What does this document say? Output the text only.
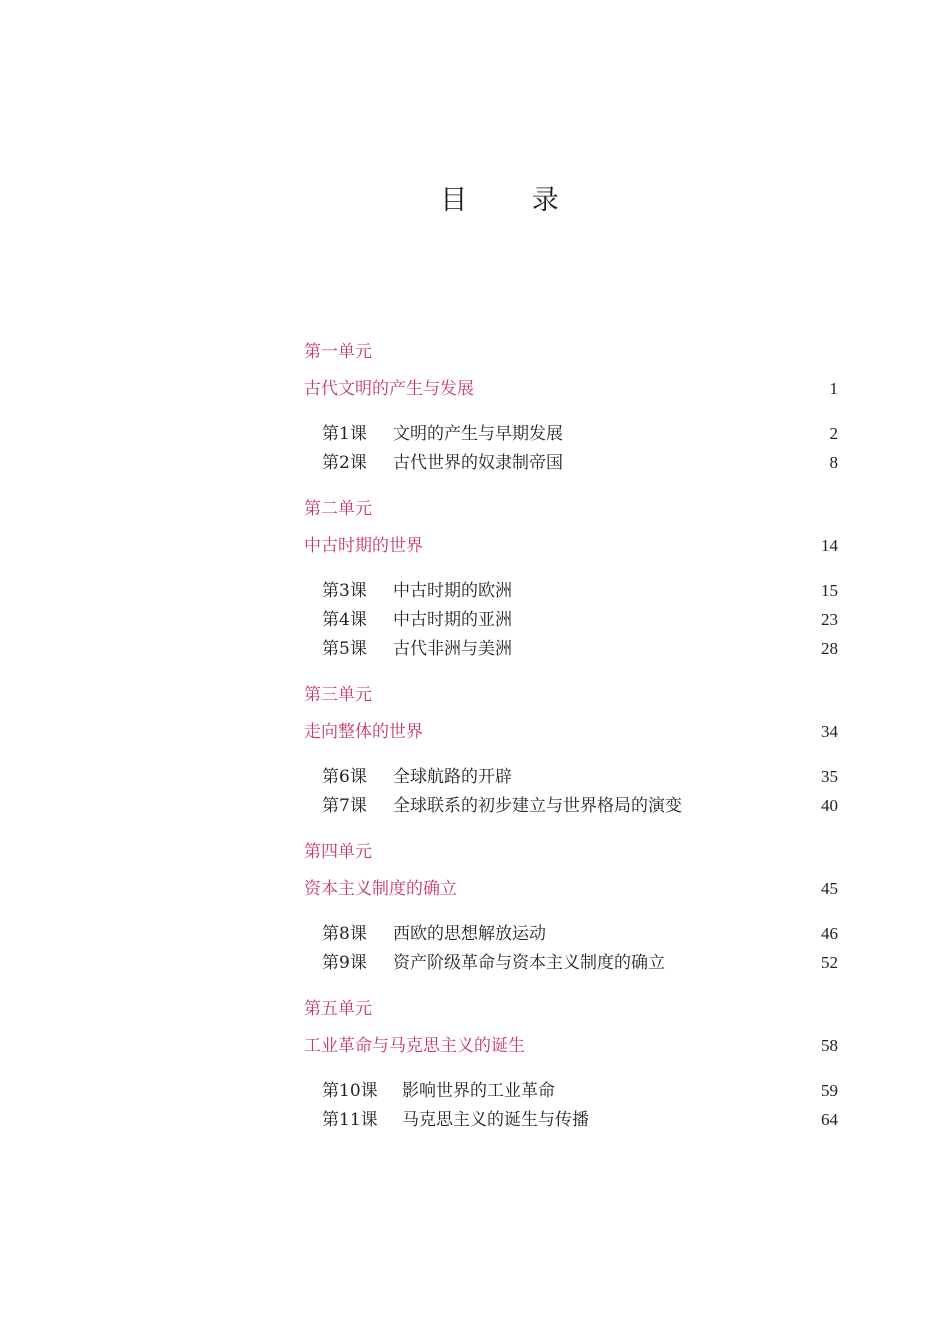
目 录
第一单元
古代文明的产生与发展	1
第1课	文明的产生与早期发展	2
第2课	古代世界的奴隶制帝国	8
第二单元
中古时期的世界	14
第3课	中古时期的欧洲	15
第4课	中古时期的亚洲	23
第5课	古代非洲与美洲	28
第三单元
走向整体的世界	34
第6课	全球航路的开辟	35
第7课	全球联系的初步建立与世界格局的演变	40
第四单元
资本主义制度的确立	45
第8课	西欧的思想解放运动	46
第9课	资产阶级革命与资本主义制度的确立	52
第五单元
工业革命与马克思主义的诞生	58
第10课	影响世界的工业革命	59
第11课	马克思主义的诞生与传播	64
